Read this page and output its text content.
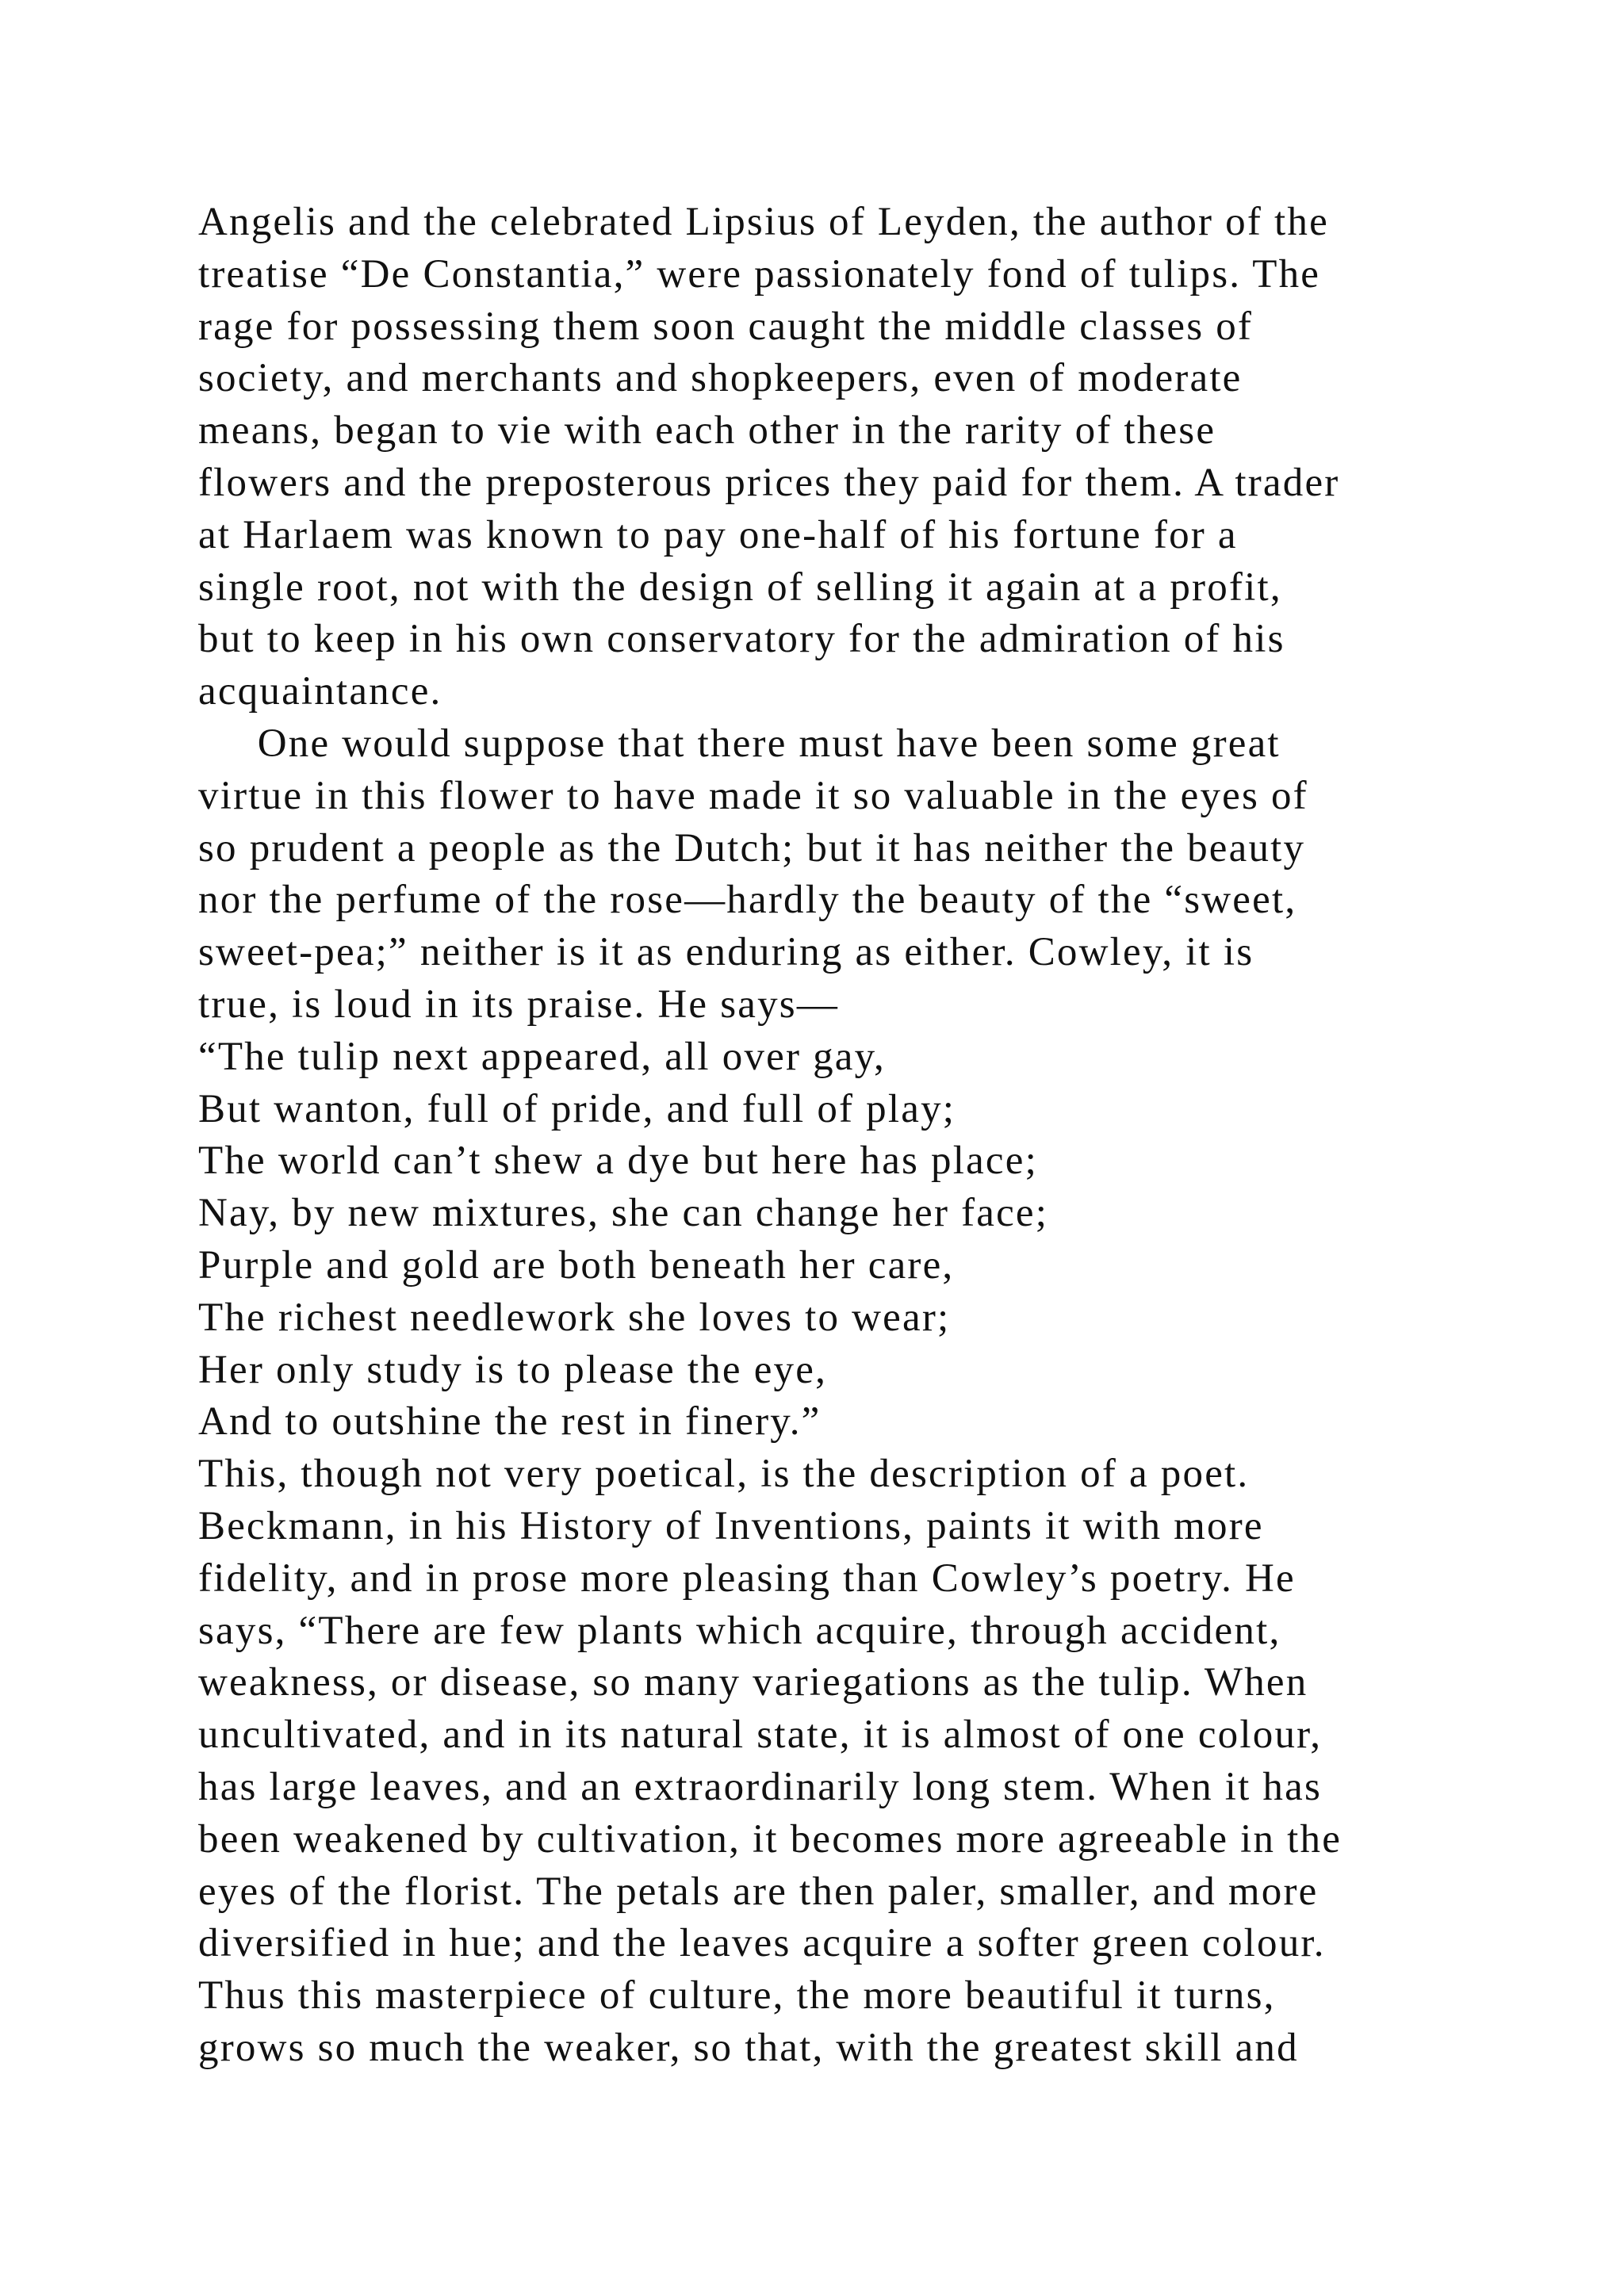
Angelis and the celebrated Lipsius of Leyden, the author of the
treatise “De Constantia,” were passionately fond of tulips. The
rage for possessing them soon caught the middle classes of
society, and merchants and shopkeepers, even of moderate
means, began to vie with each other in the rarity of these
flowers and the preposterous prices they paid for them. A trader
at Harlaem was known to pay one-half of his fortune for a
single root, not with the design of selling it again at a profit,
but to keep in his own conservatory for the admiration of his
acquaintance.
One would suppose that there must have been some great
virtue in this flower to have made it so valuable in the eyes of
so prudent a people as the Dutch; but it has neither the beauty
nor the perfume of the rose—hardly the beauty of the “sweet,
sweet-pea;” neither is it as enduring as either. Cowley, it is
true, is loud in its praise. He says—
“The tulip next appeared, all over gay,
But wanton, full of pride, and full of play;
The world can’t shew a dye but here has place;
Nay, by new mixtures, she can change her face;
Purple and gold are both beneath her care,
The richest needlework she loves to wear;
Her only study is to please the eye,
And to outshine the rest in finery.”
This, though not very poetical, is the description of a poet.
Beckmann, in his History of Inventions, paints it with more
fidelity, and in prose more pleasing than Cowley’s poetry. He
says, “There are few plants which acquire, through accident,
weakness, or disease, so many variegations as the tulip. When
uncultivated, and in its natural state, it is almost of one colour,
has large leaves, and an extraordinarily long stem. When it has
been weakened by cultivation, it becomes more agreeable in the
eyes of the florist. The petals are then paler, smaller, and more
diversified in hue; and the leaves acquire a softer green colour.
Thus this masterpiece of culture, the more beautiful it turns,
grows so much the weaker, so that, with the greatest skill and
